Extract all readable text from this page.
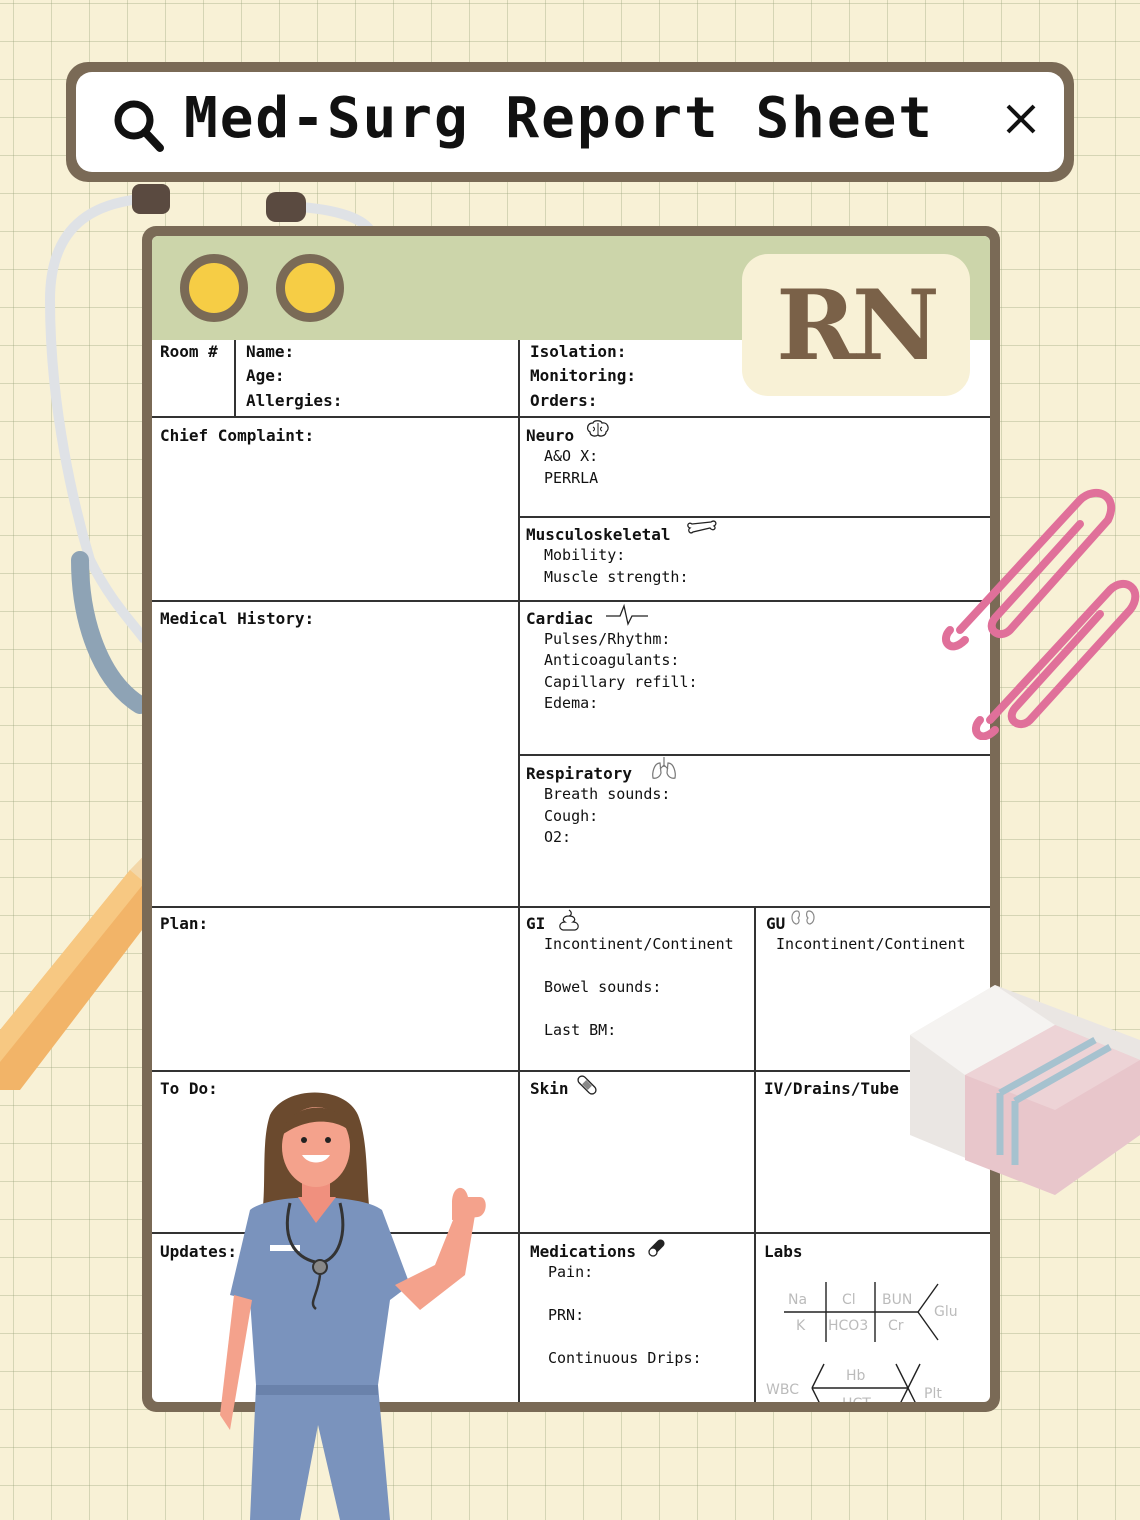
Med-Surg Report Sheet
RN
Room # Name:
Age:
Allergies:
Isolation:
Monitoring:
Orders:
Chief Complaint:
Medical History:
Plan:
To Do:
Updates:
Neuro
A&O X:
PERRLA
Musculoskeletal
Mobility:
Muscle strength:
Cardiac
Pulses/Rhythm:
Anticoagulants:
Capillary refill:
Edema:
Respiratory
Breath sounds:
Cough:
O2:
GI
Incontinent/Continent
Bowel sounds:
Last BM:
GU
Incontinent/Continent
Skin	IV/Drains/Tube
Medications
Pain:
PRN:
Continuous Drips:
Labs
Na Cl BUN
K HCO3 Cr
Glu
WBC
Hb
HCT
Plt
